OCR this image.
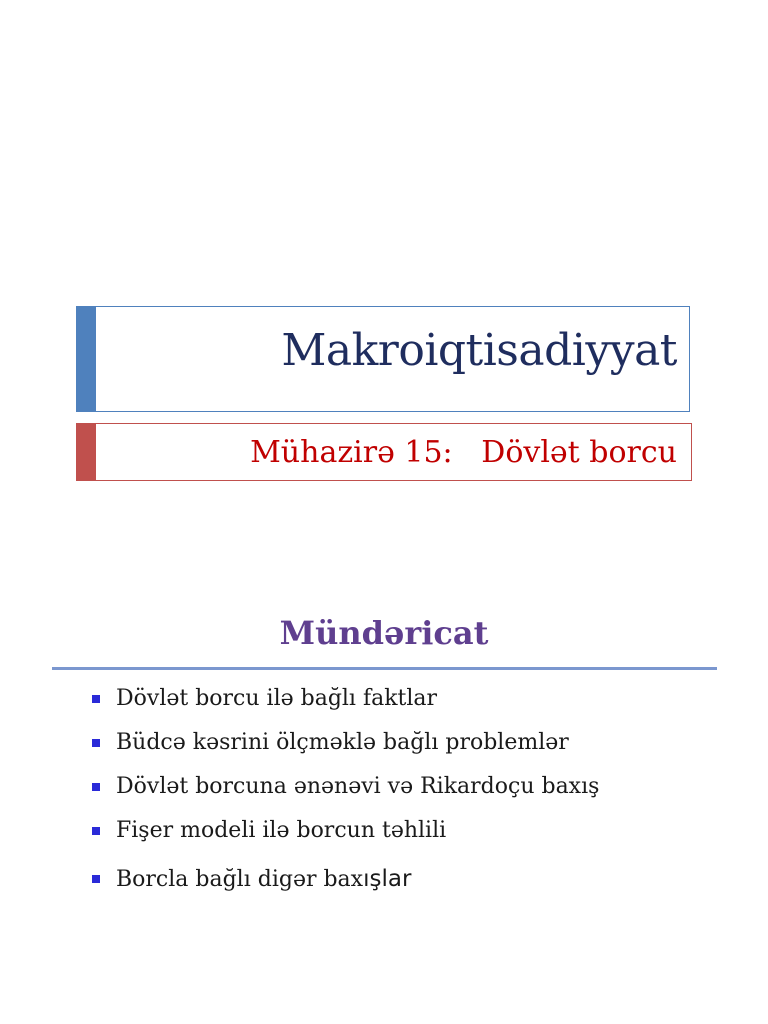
Makroiqtisadiyyat
Mühazirə 15:   Dövlət borcu
Mündəricat
Dövlət borcu ilə bağlı faktlar
Büdcə kəsrini ölçməklə bağlı problemlər
Dövlət borcuna ənənəvi və Rikardoçu baxış
Fişer modeli ilə borcun təhlili
Borcla bağlı digər baxışlar
